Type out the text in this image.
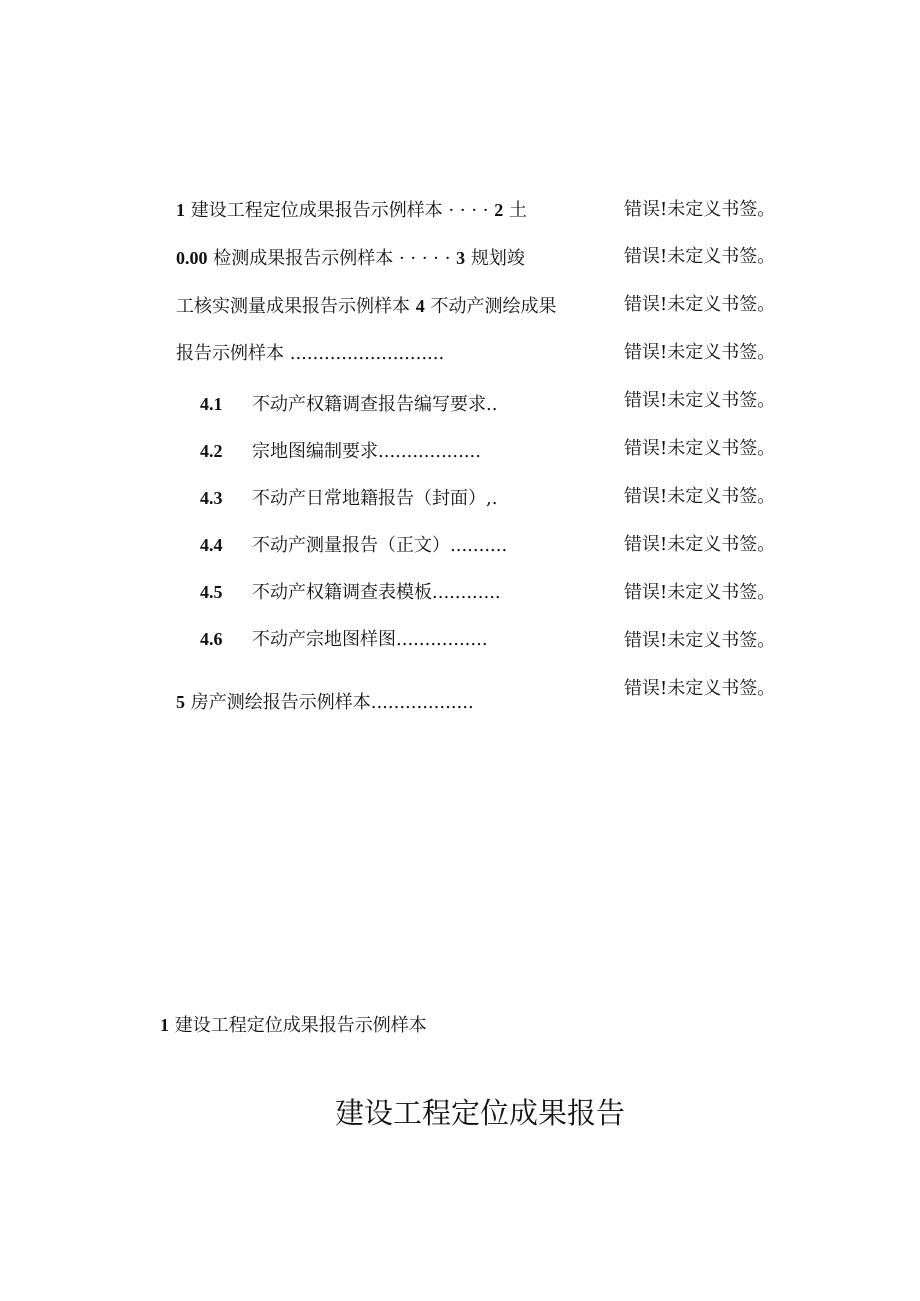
1 建设工程定位成果报告示例样本 · · · · 2 土
0.00 检测成果报告示例样本 · · · · · 3 规划竣
工核实测量成果报告示例样本 4 不动产测绘成果
报告示例样本 ...........................
4.1 不动产权籍调查报告编写要求..
4.2 宗地图编制要求..................
4.3 不动产日常地籍报告（封面）,.
4.4 不动产测量报告（正文）..........
4.5 不动产权籍调查表模板............
4.6 不动产宗地图样图................
5 房产测绘报告示例样本..................
错误!未定义书签。
错误!未定义书签。
错误!未定义书签。
错误!未定义书签。
错误!未定义书签。
错误!未定义书签。
错误!未定义书签。
错误!未定义书签。
错误!未定义书签。
错误!未定义书签。
错误!未定义书签。
1 建设工程定位成果报告示例样本
建设工程定位成果报告
